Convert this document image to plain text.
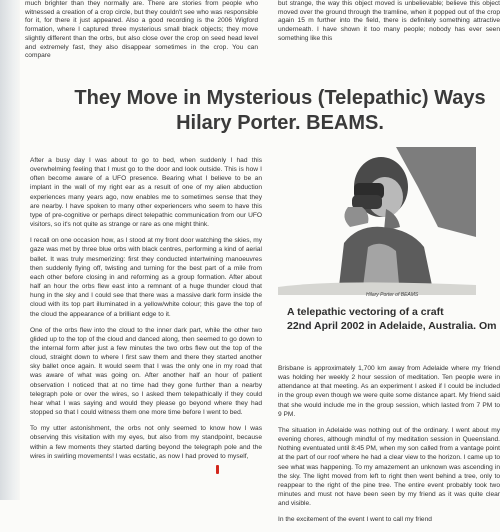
much brighter than they normally are. There are stories from people who witnessed a creation of a crop circle, but they couldn't see who was responsible for it, for there it just appeared. Also a good recording is the 2006 Wigford formation, where I captured three mysterious small black objects; they move slightly different than the orbs, but also close over the crop on seed head level and extremely fast, they also disappear sometimes in the crop. You can compare

but strange, the way this object moved is unbelievable; believe this object moved over the ground through the tramline, when it popped out of the crop again 15 m further into the field, there is definitely something attractive underneath. I have shown it too many people; nobody has ever seen something like this

They Move in Mysterious (Telepathic) Ways
Hilary Porter. BEAMS.

After a busy day I was about to go to bed, when suddenly I had this overwhelming feeling that I must go to the door and look outside. This is how I often become aware of a UFO presence. Bearing what I believe to be an implant in the wall of my right ear as a result of one of my alien abduction experiences many years ago, now enables me to sometimes sense that they are nearby. I have spoken to many other experiencers who seem to have this type of pre-cognitive or perhaps direct telepathic communication from our UFO visitors, so it's not quite as strange or rare as one might think.

I recall on one occasion how, as I stood at my front door watching the skies, my gaze was met by three blue orbs with black centres, performing a kind of aerial ballet. It was truly mesmerizing: first they conducted intertwining manoeuvres then suddenly flying off, twisting and turning for the best part of a mile from each other before closing in and reforming as a group formation. After about half an hour the orbs flew east into a remnant of a huge thunder cloud that hung in the sky and I could see that there was a massive dark form inside the cloud with its top part illuminated in a yellow/white colour; this gave the top of the cloud the appearance of a brilliant edge to it.

One of the orbs flew into the cloud to the inner dark part, while the other two glided up to the top of the cloud and danced along, then seemed to go down to the internal form after just a few minutes the two orbs flew out the top of the cloud, straight down to where I first saw them and there they started another sky ballet once again. It would seem that I was the only one in my road that was aware of what was going on. After another half an hour of patient observation I noticed that at no time had they gone further than a nearby telegraph pole or over the wires, so I asked them telepathically if they could hear what I was saying and would they please go beyond where they had stopped so that I could witness them one more time before I went to bed.

To my utter astonishment, the orbs not only seemed to know how I was observing this visitation with my eyes, but also from my standpoint, because within a few moments they started darting beyond the telegraph pole and the wires in swirling movements! I was ecstatic, as now I had proved to myself,

Hilary Porter of BEAMS
A telepathic vectoring of a craft
22nd April 2002 in Adelaide, Australia. Om

Brisbane is approximately 1,700 km away from Adelaide where my friend was holding her weekly 2 hour session of meditation. Ten people were in attendance at that meeting. As an experiment I asked if I could be included in the group even though we were quite some distance apart. My friend said that she would include me in the group session, which lasted from 7 PM to 9 PM.

The situation in Adelaide was nothing out of the ordinary. I went about my evening chores, although mindful of my meditation session in Queensland. Nothing eventuated until 8:45 PM, when my son called from a vantage point at the part of our roof where he had a clear view to the horizon. I came up to see what was happening. To my amazement an unknown was ascending in the sky. The light moved from left to right then went behind a tree, only to reappear to the right of the pine tree. The entire event probably took two minutes and must not have been seen by my friend as it was quite clear and visible.

In the excitement of the event I went to call my friend
